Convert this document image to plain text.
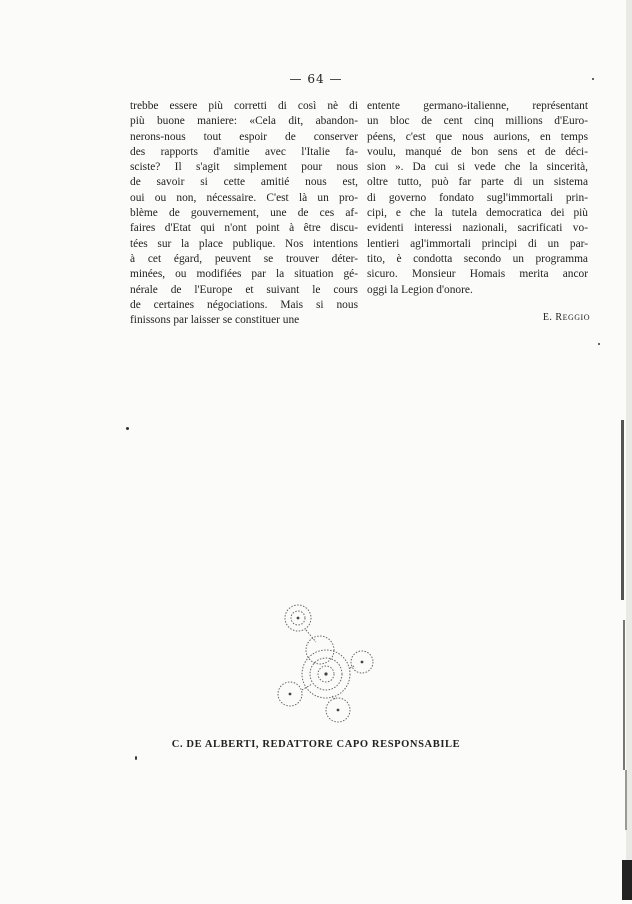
— 64 —
trebbe essere più corretti di così nè di
più buone maniere: «Cela dit, abandon-
nerons-nous tout espoir de conserver
des rapports d'amitie avec l'Italie fa-
sciste? Il s'agit simplement pour nous
de savoir si cette amitié nous est,
oui ou non, nécessaire. C'est là un pro-
blème de gouvernement, une de ces af-
faires d'Etat qui n'ont point à être discu-
tées sur la place publique. Nos intentions
à cet égard, peuvent se trouver déter-
minées, ou modifiées par la situation gé-
nérale de l'Europe et suivant le cours
de certaines négociations. Mais si nous
finissons par laisser se constituer une
entente germano-italienne, représentant
un bloc de cent cinq millions d'Euro-
péens, c'est que nous aurions, en temps
voulu, manqué de bon sens et de déci-
sion ». Da cui si vede che la sincerità,
oltre tutto, può far parte di un sistema
di governo fondato sugl'immortali prin-
cipi, e che la tutela democratica dei più
evidenti interessi nazionali, sacrificati vo-
lentieri agl'immortali principi di un par-
tito, è condotta secondo un programma
sicuro. Monsieur Homais merita ancor
oggi la Legion d'onore.
E. REGGIO
C. DE ALBERTI, REDATTORE CAPO RESPONSABILE
